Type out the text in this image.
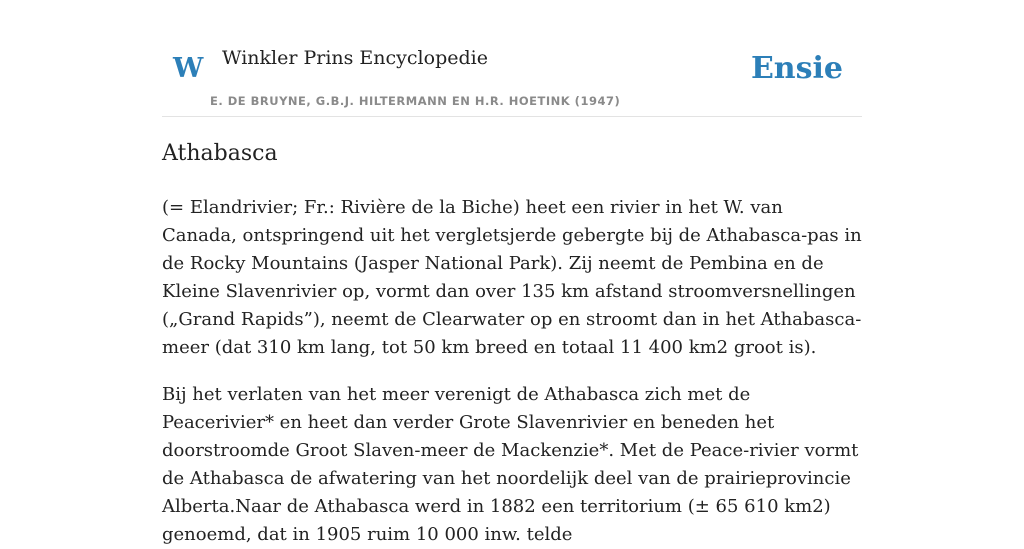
W Winkler Prins Encyclopedie
E. DE BRUYNE, G.B.J. HILTERMANN EN H.R. HOETINK (1947)
Ensie
Athabasca

(= Elandrivier; Fr.: Rivière de la Biche) heet een rivier in het W. van Canada, ontspringend uit het vergletsjerde gebergte bij de Athabasca-pas in de Rocky Mountains (Jasper National Park). Zij neemt de Pembina en de Kleine Slavenrivier op, vormt dan over 135 km afstand stroomversnellingen („Grand Rapids”), neemt de Clearwater op en stroomt dan in het Athabasca-meer (dat 310 km lang, tot 50 km breed en totaal 11 400 km2 groot is).

Bij het verlaten van het meer verenigt de Athabasca zich met de Peacerivier* en heet dan verder Grote Slavenrivier en beneden het doorstroomde Groot Slaven-meer de Mackenzie*. Met de Peace-rivier vormt de Athabasca de afwatering van het noordelijk deel van de prairieprovincie Alberta.Naar de Athabasca werd in 1882 een territorium (± 65 610 km2) genoemd, dat in 1905 ruim 10 000 inw. telde
